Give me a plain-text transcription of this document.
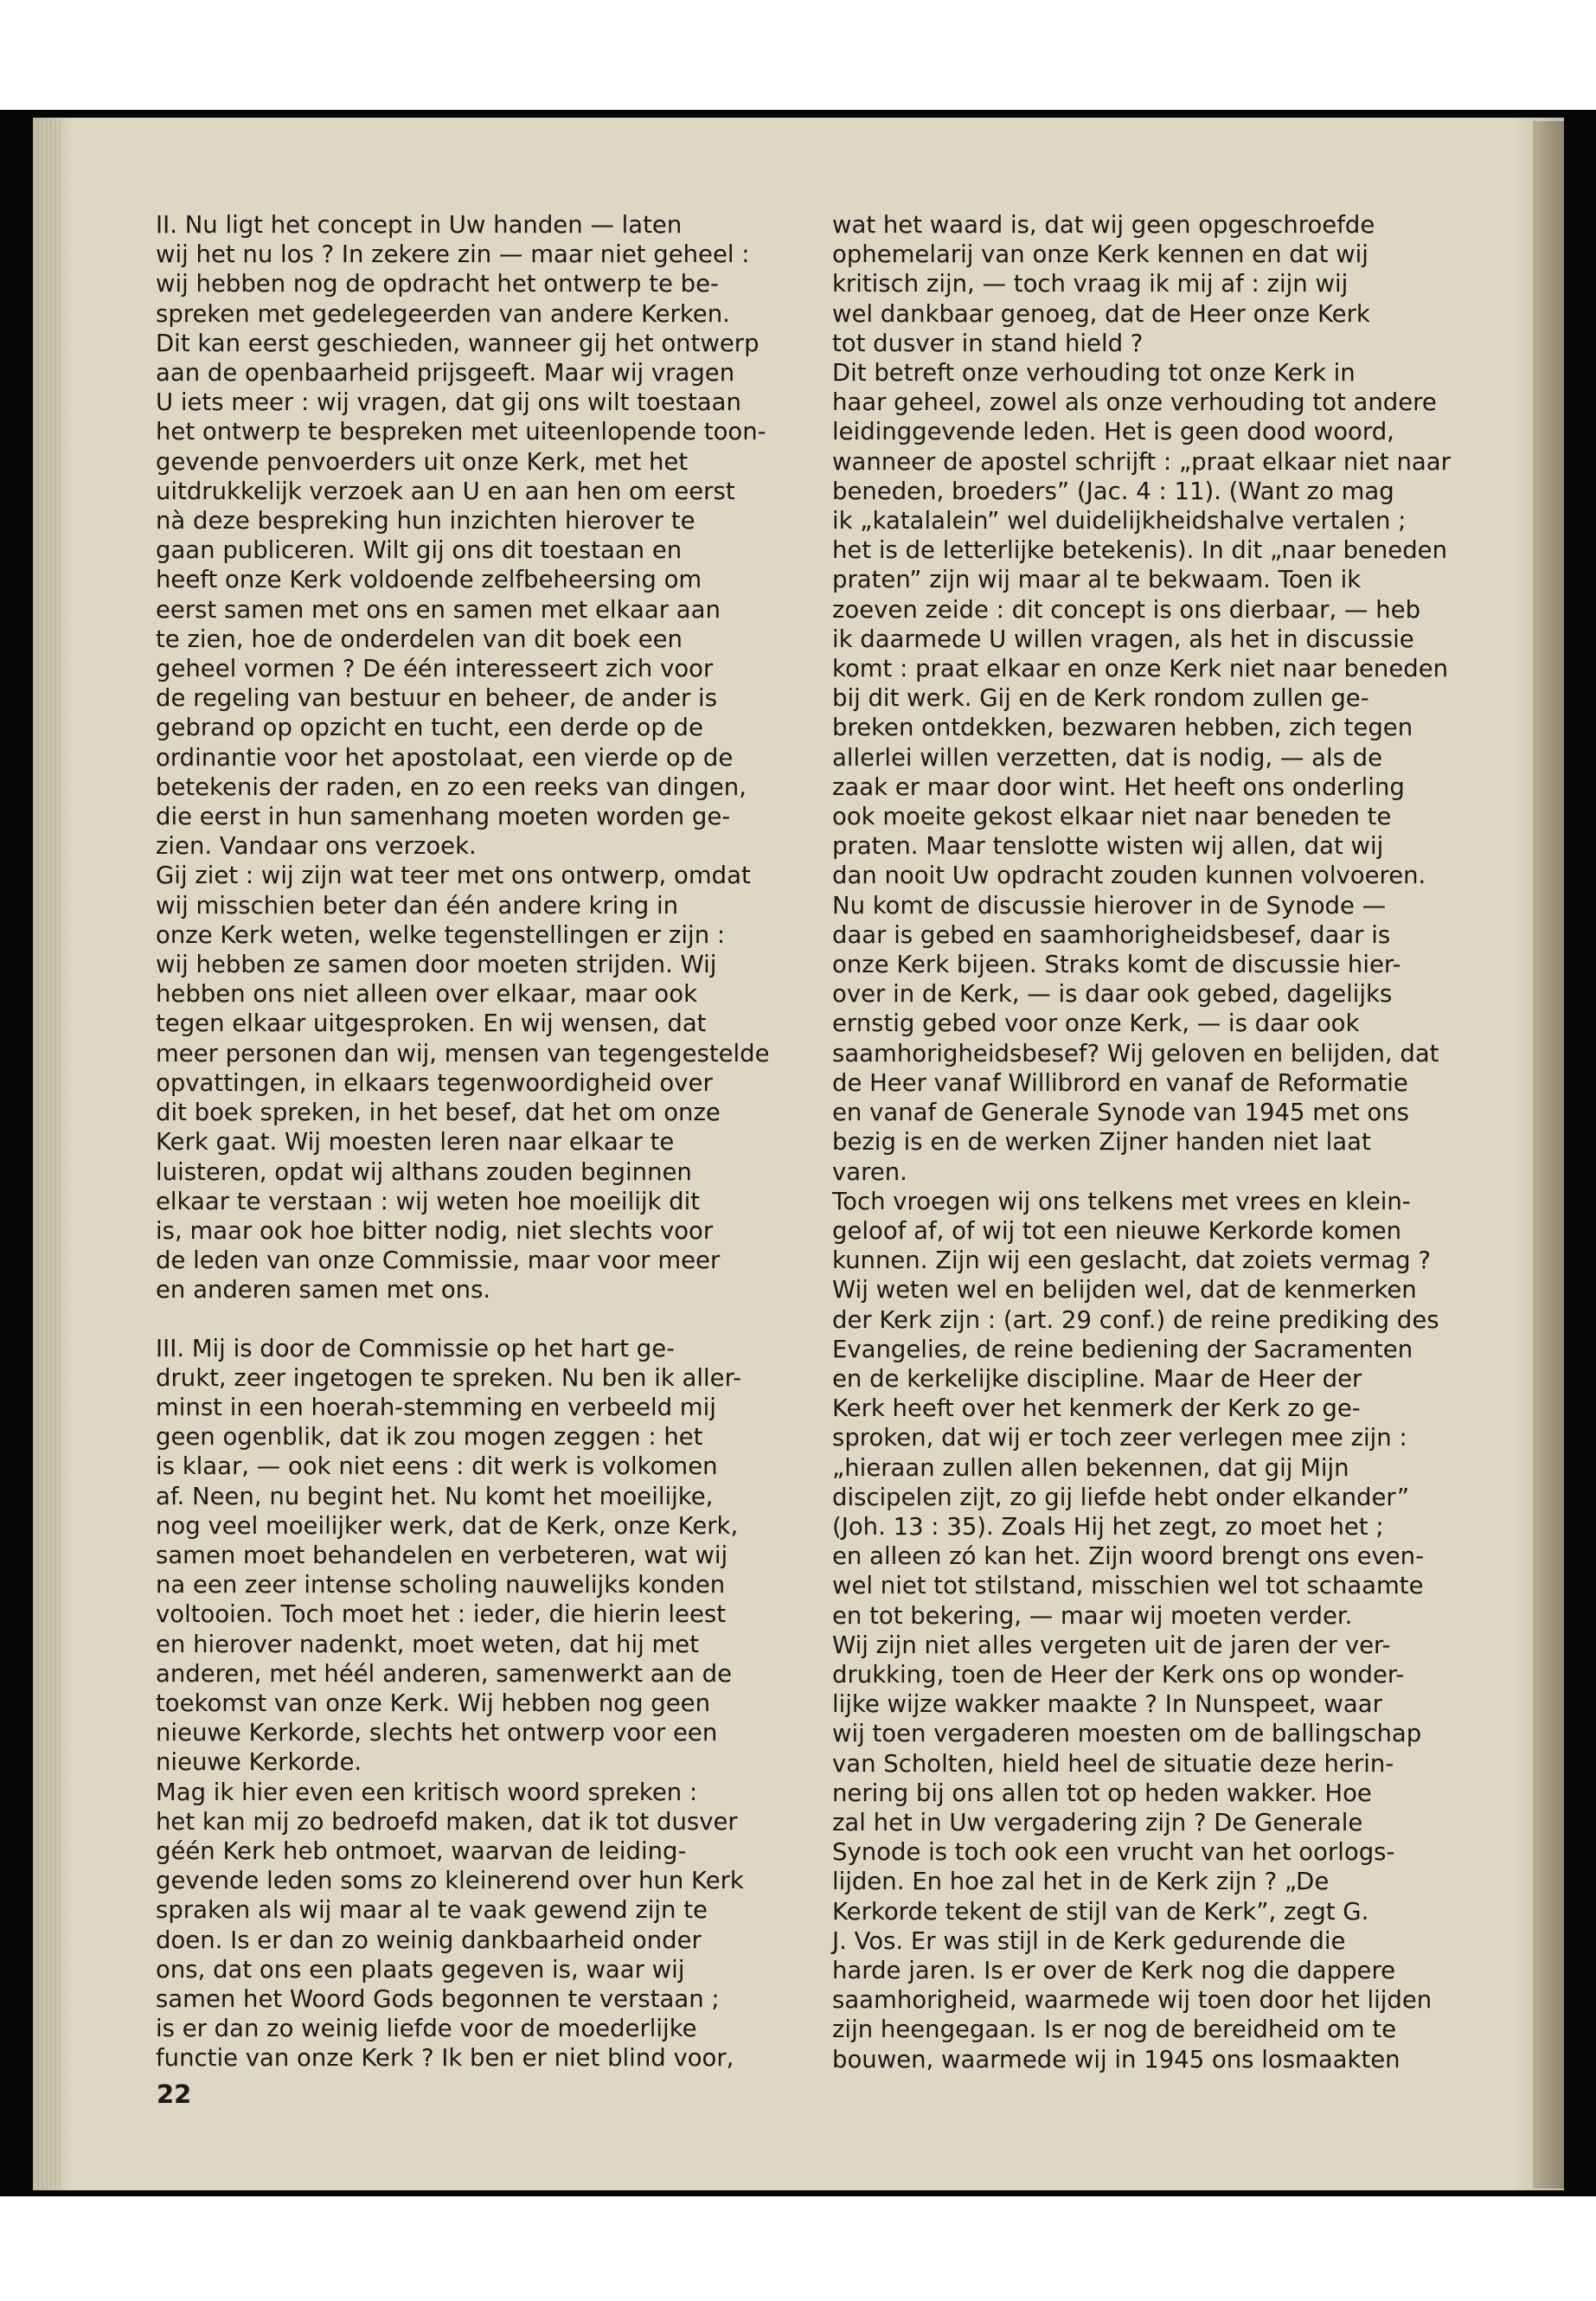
II. Nu ligt het concept in Uw handen — laten
wij het nu los ? In zekere zin — maar niet geheel :
wij hebben nog de opdracht het ontwerp te be-
spreken met gedelegeerden van andere Kerken.
Dit kan eerst geschieden, wanneer gij het ontwerp
aan de openbaarheid prijsgeeft. Maar wij vragen
U iets meer : wij vragen, dat gij ons wilt toestaan
het ontwerp te bespreken met uiteenlopende toon-
gevende penvoerders uit onze Kerk, met het
uitdrukkelijk verzoek aan U en aan hen om eerst
nà deze bespreking hun inzichten hierover te
gaan publiceren. Wilt gij ons dit toestaan en
heeft onze Kerk voldoende zelfbeheersing om
eerst samen met ons en samen met elkaar aan
te zien, hoe de onderdelen van dit boek een
geheel vormen ? De één interesseert zich voor
de regeling van bestuur en beheer, de ander is
gebrand op opzicht en tucht, een derde op de
ordinantie voor het apostolaat, een vierde op de
betekenis der raden, en zo een reeks van dingen,
die eerst in hun samenhang moeten worden ge-
zien. Vandaar ons verzoek.
Gij ziet : wij zijn wat teer met ons ontwerp, omdat
wij misschien beter dan één andere kring in
onze Kerk weten, welke tegenstellingen er zijn :
wij hebben ze samen door moeten strijden. Wij
hebben ons niet alleen over elkaar, maar ook
tegen elkaar uitgesproken. En wij wensen, dat
meer personen dan wij, mensen van tegengestelde
opvattingen, in elkaars tegenwoordigheid over
dit boek spreken, in het besef, dat het om onze
Kerk gaat. Wij moesten leren naar elkaar te
luisteren, opdat wij althans zouden beginnen
elkaar te verstaan : wij weten hoe moeilijk dit
is, maar ook hoe bitter nodig, niet slechts voor
de leden van onze Commissie, maar voor meer
en anderen samen met ons.
III. Mij is door de Commissie op het hart ge-
drukt, zeer ingetogen te spreken. Nu ben ik aller-
minst in een hoerah-stemming en verbeeld mij
geen ogenblik, dat ik zou mogen zeggen : het
is klaar, — ook niet eens : dit werk is volkomen
af. Neen, nu begint het. Nu komt het moeilijke,
nog veel moeilijker werk, dat de Kerk, onze Kerk,
samen moet behandelen en verbeteren, wat wij
na een zeer intense scholing nauwelijks konden
voltooien. Toch moet het : ieder, die hierin leest
en hierover nadenkt, moet weten, dat hij met
anderen, met héél anderen, samenwerkt aan de
toekomst van onze Kerk. Wij hebben nog geen
nieuwe Kerkorde, slechts het ontwerp voor een
nieuwe Kerkorde.
Mag ik hier even een kritisch woord spreken :
het kan mij zo bedroefd maken, dat ik tot dusver
géén Kerk heb ontmoet, waarvan de leiding-
gevende leden soms zo kleinerend over hun Kerk
spraken als wij maar al te vaak gewend zijn te
doen. Is er dan zo weinig dankbaarheid onder
ons, dat ons een plaats gegeven is, waar wij
samen het Woord Gods begonnen te verstaan ;
is er dan zo weinig liefde voor de moederlijke
functie van onze Kerk ? Ik ben er niet blind voor,
wat het waard is, dat wij geen opgeschroefde
ophemelarij van onze Kerk kennen en dat wij
kritisch zijn, — toch vraag ik mij af : zijn wij
wel dankbaar genoeg, dat de Heer onze Kerk
tot dusver in stand hield ?
Dit betreft onze verhouding tot onze Kerk in
haar geheel, zowel als onze verhouding tot andere
leidinggevende leden. Het is geen dood woord,
wanneer de apostel schrijft : „praat elkaar niet naar
beneden, broeders” (Jac. 4 : 11). (Want zo mag
ik „katalalein” wel duidelijkheidshalve vertalen ;
het is de letterlijke betekenis). In dit „naar beneden
praten” zijn wij maar al te bekwaam. Toen ik
zoeven zeide : dit concept is ons dierbaar, — heb
ik daarmede U willen vragen, als het in discussie
komt : praat elkaar en onze Kerk niet naar beneden
bij dit werk. Gij en de Kerk rondom zullen ge-
breken ontdekken, bezwaren hebben, zich tegen
allerlei willen verzetten, dat is nodig, — als de
zaak er maar door wint. Het heeft ons onderling
ook moeite gekost elkaar niet naar beneden te
praten. Maar tenslotte wisten wij allen, dat wij
dan nooit Uw opdracht zouden kunnen volvoeren.
Nu komt de discussie hierover in de Synode —
daar is gebed en saamhorigheidsbesef, daar is
onze Kerk bijeen. Straks komt de discussie hier-
over in de Kerk, — is daar ook gebed, dagelijks
ernstig gebed voor onze Kerk, — is daar ook
saamhorigheidsbesef? Wij geloven en belijden, dat
de Heer vanaf Willibrord en vanaf de Reformatie
en vanaf de Generale Synode van 1945 met ons
bezig is en de werken Zijner handen niet laat
varen.
Toch vroegen wij ons telkens met vrees en klein-
geloof af, of wij tot een nieuwe Kerkorde komen
kunnen. Zijn wij een geslacht, dat zoiets vermag ?
Wij weten wel en belijden wel, dat de kenmerken
der Kerk zijn : (art. 29 conf.) de reine prediking des
Evangelies, de reine bediening der Sacramenten
en de kerkelijke discipline. Maar de Heer der
Kerk heeft over het kenmerk der Kerk zo ge-
sproken, dat wij er toch zeer verlegen mee zijn :
„hieraan zullen allen bekennen, dat gij Mijn
discipelen zijt, zo gij liefde hebt onder elkander”
(Joh. 13 : 35). Zoals Hij het zegt, zo moet het ;
en alleen zó kan het. Zijn woord brengt ons even-
wel niet tot stilstand, misschien wel tot schaamte
en tot bekering, — maar wij moeten verder.
Wij zijn niet alles vergeten uit de jaren der ver-
drukking, toen de Heer der Kerk ons op wonder-
lijke wijze wakker maakte ? In Nunspeet, waar
wij toen vergaderen moesten om de ballingschap
van Scholten, hield heel de situatie deze herin-
nering bij ons allen tot op heden wakker. Hoe
zal het in Uw vergadering zijn ? De Generale
Synode is toch ook een vrucht van het oorlogs-
lijden. En hoe zal het in de Kerk zijn ? „De
Kerkorde tekent de stijl van de Kerk”, zegt G.
J. Vos. Er was stijl in de Kerk gedurende die
harde jaren. Is er over de Kerk nog die dappere
saamhorigheid, waarmede wij toen door het lijden
zijn heengegaan. Is er nog de bereidheid om te
bouwen, waarmede wij in 1945 ons losmaakten
22
